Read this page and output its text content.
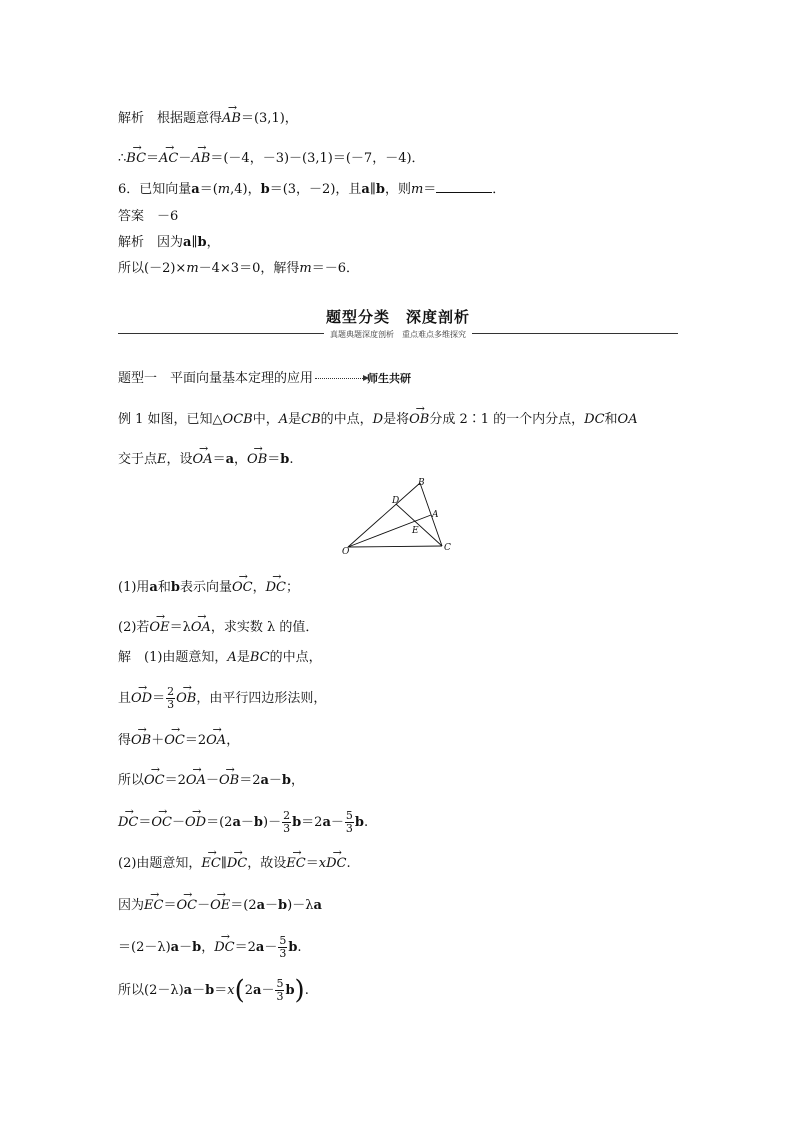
解析　根据题意得→ AB＝(3,1)，
∴→ BC＝→ AC－→ AB＝(－4，－3)－(3,1)＝(－7，－4)．
6．已知向量a＝(m,4)，b＝(3，－2)，且a∥b，则m＝	．
答案　－6
解析　因为a∥b，
所以(－2)×m－4×3＝0，解得m＝－6．
题型分类　深度剖析
真题典题深度剖析　重点难点多维探究
题型一　平面向量基本定理的应用	师生共研
例 1 如图，已知△OCB中，A是CB的中点，D是将→ OB分成 2∶1 的一个内分点，DC和OA
交于点E，设→ OA＝a，→ OB＝b.
B
D
A
E
O	C
(1)用a和b表示向量→ OC，→ DC；
(2)若→ OE＝λ→ OA，求实数 λ 的值．
解　(1)由题意知，A是BC的中点，
且→ $OD= \frac{2}{3}$
→ OB，由平行四边形法则，
得→ OB＋→ OC＝2→ OA，
所以→ OC＝2→ OA－→ OB＝2a－b，
→ $DC=\to OC-\to OD=(2a-b)- \frac{2}{3} b=2a- \frac{5}{3} b$.
(2)由题意知，→ EC∥→ DC，故设→ EC＝x→ DC.
因为→ EC＝→ OC－→ OE＝(2a－b)－λa
＝(2－λ)a－b，→ $DC=2a- \frac{5}{3} b$.
所以$(2-\lambda)a-b=x(2a- \frac{5}{3} b)$.
